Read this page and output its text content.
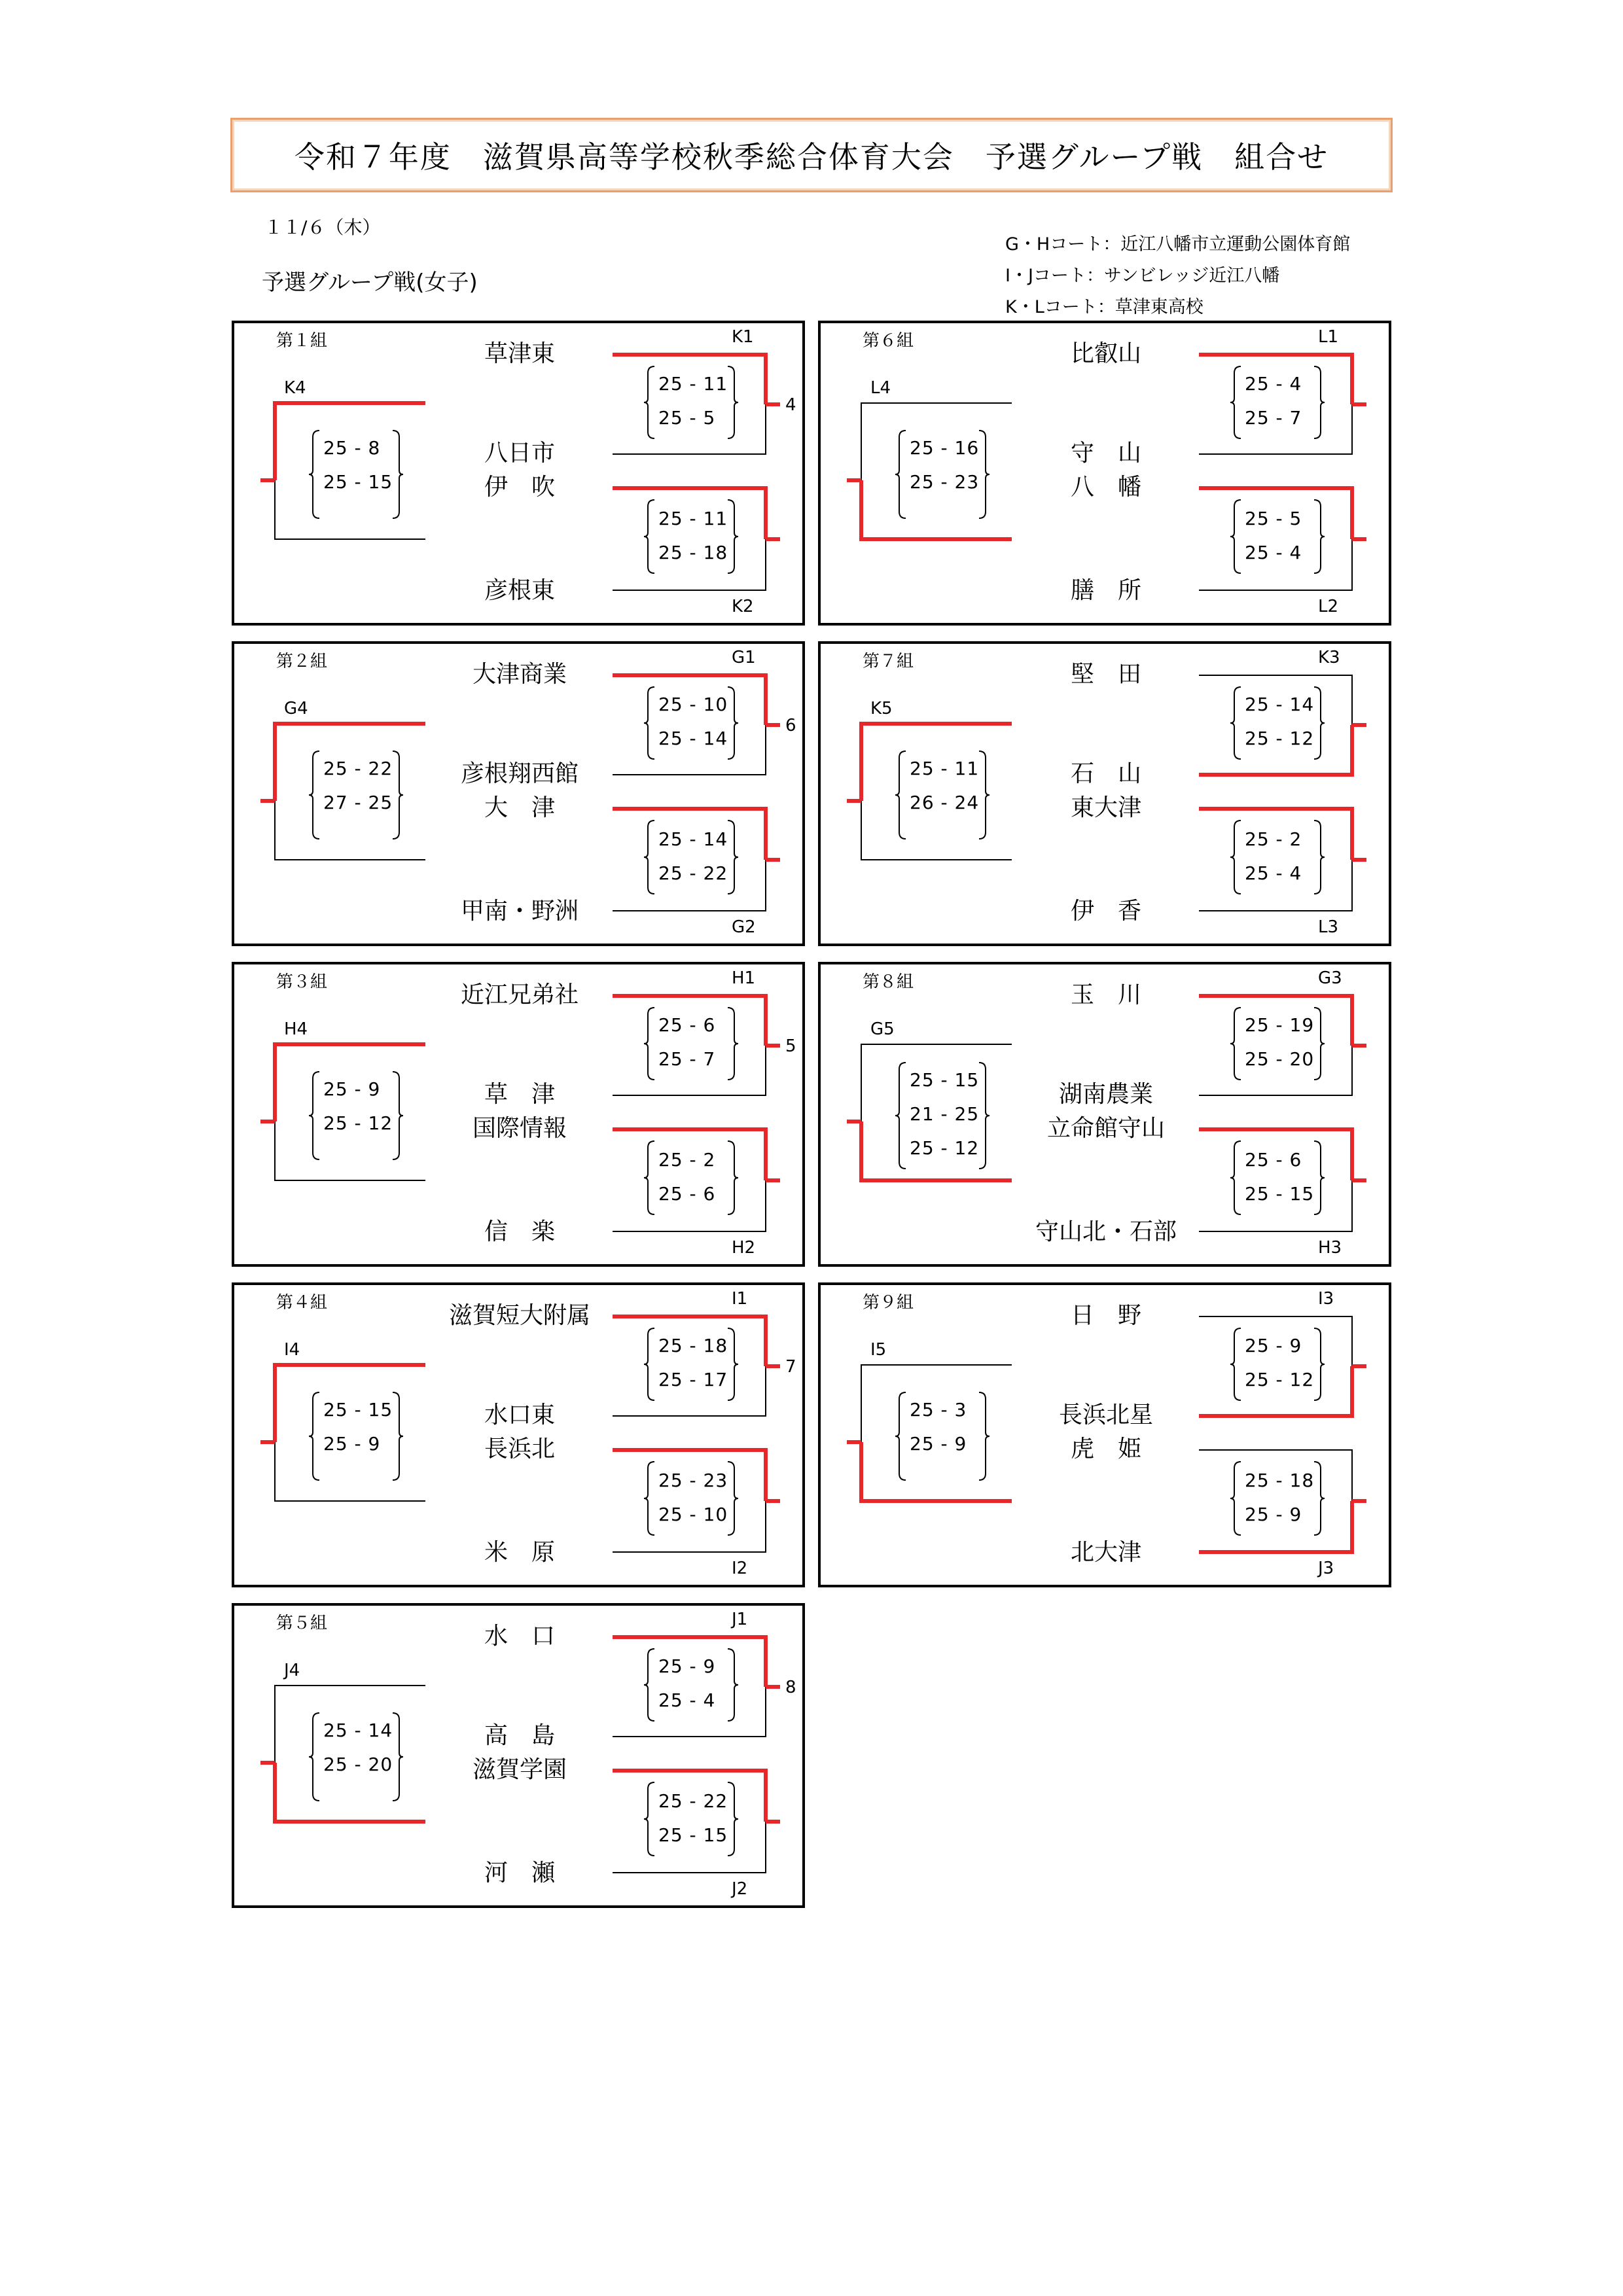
令和７年度　滋賀県高等学校秋季総合体育大会　予選グループ戦　組合せ
１１/６（木）
予選グループ戦(女子)
G・Hコート：近江八幡市立運動公園体育館
I・Jコート：サンビレッジ近江八幡
K・Lコート：草津東高校
第１組	K1
K2
K4
4
草津東
八日市
伊　吹
彦根東
25 - 11
25 - 5
25 - 11
25 - 18
25 - 8
25 - 15
第６組	L1
L2
L4
比叡山
守　山
八　幡
膳　所
25 - 4
25 - 7
25 - 5
25 - 4
25 - 16
25 - 23
第２組	G1
G2
G4
6
大津商業
彦根翔西館
大　津
甲南・野洲
25 - 10
25 - 14
25 - 14
25 - 22
25 - 22
27 - 25
第７組	K3
L3
K5
堅　田
石　山
東大津
伊　香
25 - 14
25 - 12
25 - 2
25 - 4
25 - 11
26 - 24
第３組	H1
H2
H4
5
近江兄弟社
草　津
国際情報
信　楽
25 - 6
25 - 7
25 - 2
25 - 6
25 - 9
25 - 12
第８組	G3
H3
G5
玉　川
湖南農業
立命館守山
守山北・石部
25 - 19
25 - 20
25 - 6
25 - 15
25 - 15
21 - 25
25 - 12
第４組	I1
I2
I4
7
滋賀短大附属
水口東
長浜北
米　原
25 - 18
25 - 17
25 - 23
25 - 10
25 - 15
25 - 9
第９組	I3
J3
I5
日　野
長浜北星
虎　姫
北大津
25 - 9
25 - 12
25 - 18
25 - 9
25 - 3
25 - 9
第５組	J1
J2
J4
8
水　口
高　島
滋賀学園
河　瀬
25 - 9
25 - 4
25 - 22
25 - 15
25 - 14
25 - 20
